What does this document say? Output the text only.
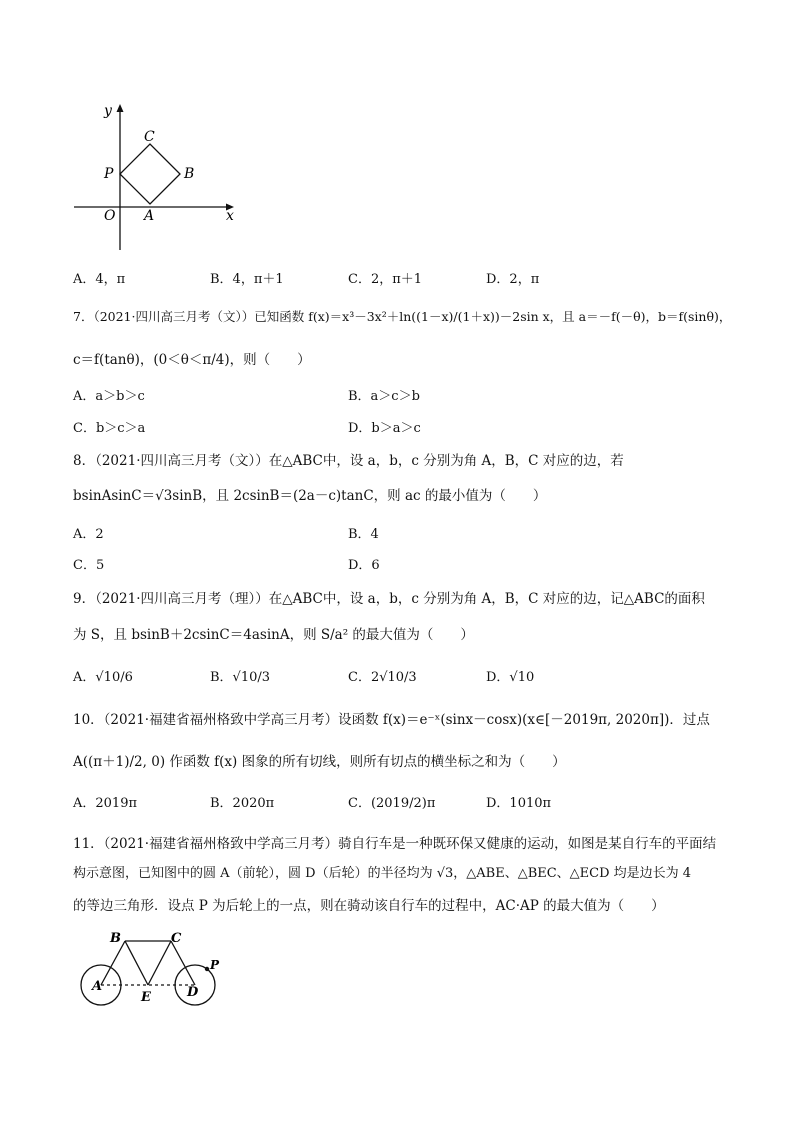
y
x
O A
B
C
P
A．4，π	B．4，π＋1	C．2，π＋1	D．2，π
7．（2021·四川高三月考（文））已知函数 f(x)＝x³－3x²＋ln((1－x)/(1＋x))－2sin x，且 a＝－f(－θ)，b＝f(sinθ)，
c＝f(tanθ)，(0＜θ＜π/4)，则（　　）
A．a＞b＞c	B．a＞c＞b
C．b＞c＞a	D．b＞a＞c
8．（2021·四川高三月考（文））在△ABC中，设 a，b，c 分别为角 A，B，C 对应的边，若
bsinAsinC＝√3sinB，且 2csinB＝(2a－c)tanC，则 ac 的最小值为（　　）
A．2	B．4
C．5	D．6
9．（2021·四川高三月考（理））在△ABC中，设 a，b，c 分别为角 A，B，C 对应的边，记△ABC的面积
为 S，且 bsinB＋2csinC＝4asinA，则 S/a² 的最大值为（　　）
A．√10/6	B．√10/3	C．2√10/3	D．√10
10．（2021·福建省福州格致中学高三月考）设函数 f(x)＝e⁻ˣ(sinx－cosx)(x∈[－2019π, 2020π])．过点
A((π＋1)/2, 0) 作函数 f(x) 图象的所有切线，则所有切点的横坐标之和为（　　）
A．2019π	B．2020π	C．(2019/2)π	D．1010π
11．（2021·福建省福州格致中学高三月考）骑自行车是一种既环保又健康的运动，如图是某自行车的平面结
构示意图，已知图中的圆 A（前轮），圆 D（后轮）的半径均为 √3，△ABE、△BEC、△ECD 均是边长为 4
的等边三角形．设点 P 为后轮上的一点，则在骑动该自行车的过程中，AC·AP 的最大值为（　　）
B	C
A	D
E
P
